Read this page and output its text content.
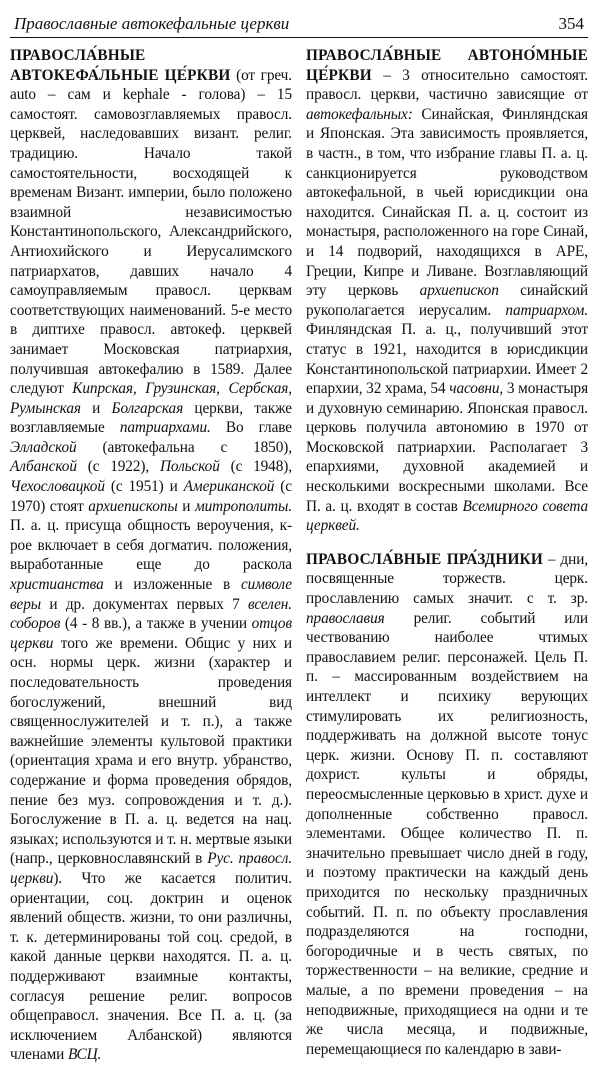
Православные автокефальные церкви	354

ПРАВОСЛА́ВНЫЕ АВТОКЕФА́ЛЬНЫЕ ЦЕ́РКВИ (от греч. auto – сам и kephale - голова) – 15 самостоят. самовозглавляемых правосл. церквей, наследовавших визант. религ. традицию. Начало такой самостоятельности, восходящей к временам Визант. империи, было положено взаимной независимостью Константинопольского, Александрийского, Антиохийского и Иерусалимского патриархатов, давших начало 4 самоуправляемым правосл. церквам соответствующих наименований. 5-е место в диптихе правосл. автокеф. церквей занимает Московская патриархия, получившая автокефалию в 1589. Далее следуют Кипрская, Грузинская, Сербская, Румынская и Болгарская церкви, также возглавляемые патриархами. Во главе Элладской (автокефальна с 1850), Албанской (с 1922), Польской (с 1948), Чехословацкой (с 1951) и Американской (с 1970) стоят архиепископы и митрополиты. П. а. ц. присуща общность вероучения, к-рое включает в себя догматич. положения, выработанные еще до раскола христианства и изложенные в символе веры и др. документах первых 7 вселен. соборов (4 - 8 вв.), а также в учении отцов церкви того же времени. Общис у них и осн. нормы церк. жизни (характер и последовательность проведения богослужений, внешний вид священнослужителей и т. п.), а также важнейшие элементы культовой практики (ориентация храма и его внутр. убранство, содержание и форма проведения обрядов, пение без муз. сопровождения и т. д.). Богослужение в П. а. ц. ведется на нац. языках; используются и т. н. мертвые языки (напр., церковнославянский в Рус. правосл. церкви). Что же касается политич. ориентации, соц. доктрин и оценок явлений обществ. жизни, то они различны, т. к. детерминированы той соц. средой, в какой данные церкви находятся. П. а. ц. поддерживают взаимные контакты, согласуя решение религ. вопросов общеправосл. значения. Все П. а. ц. (за исключением Албанской) являются членами ВСЦ.

ПРАВОСЛА́ВНЫЕ АВТОНО́МНЫЕ ЦЕ́РКВИ – 3 относительно самостоят. правосл. церкви, частично зависящие от автокефальных: Синайская, Финляндская и Японская. Эта зависимость проявляется, в частн., в том, что избрание главы П. а. ц. санкционируется руководством автокефальной, в чьей юрисдикции она находится. Синайская П. а. ц. состоит из монастыря, расположенного на горе Синай, и 14 подворий, находящихся в АРЕ, Греции, Кипре и Ливане. Возглавляющий эту церковь архиепископ синайский рукополагается иерусалим. патриархом. Финляндская П. а. ц., получивший этот статус в 1921, находится в юрисдикции Константинопольской патриархии. Имеет 2 епархии, 32 храма, 54 часовни, 3 монастыря и духовную семинарию. Японская правосл. церковь получила автономию в 1970 от Московской патриархии. Располагает 3 епархиями, духовной академией и несколькими воскресными школами. Все П. а. ц. входят в состав Всемирного совета церквей.

ПРАВОСЛА́ВНЫЕ ПРА́ЗДНИКИ – дни, посвященные торжеств. церк. прославлению самых значит. с т. зр. православия религ. событий или чествованию наиболее чтимых православием религ. персонажей. Цель П. п. – массированным воздействием на интеллект и психику верующих стимулировать их религиозность, поддерживать на должной высоте тонус церк. жизни. Основу П. п. составляют дохрист. культы и обряды, переосмысленные церковью в христ. духе и дополненные собственно правосл. элементами. Общее количество П. п. значительно превышает число дней в году, и поэтому практически на каждый день приходится по нескольку праздничных событий. П. п. по объекту прославления подразделяются на господни, богородичные и в честь святых, по торжественности – на великие, средние и малые, а по времени проведения – на неподвижные, приходящиеся на одни и те же числа месяца, и подвижные, перемещающиеся по календарю в зави-
